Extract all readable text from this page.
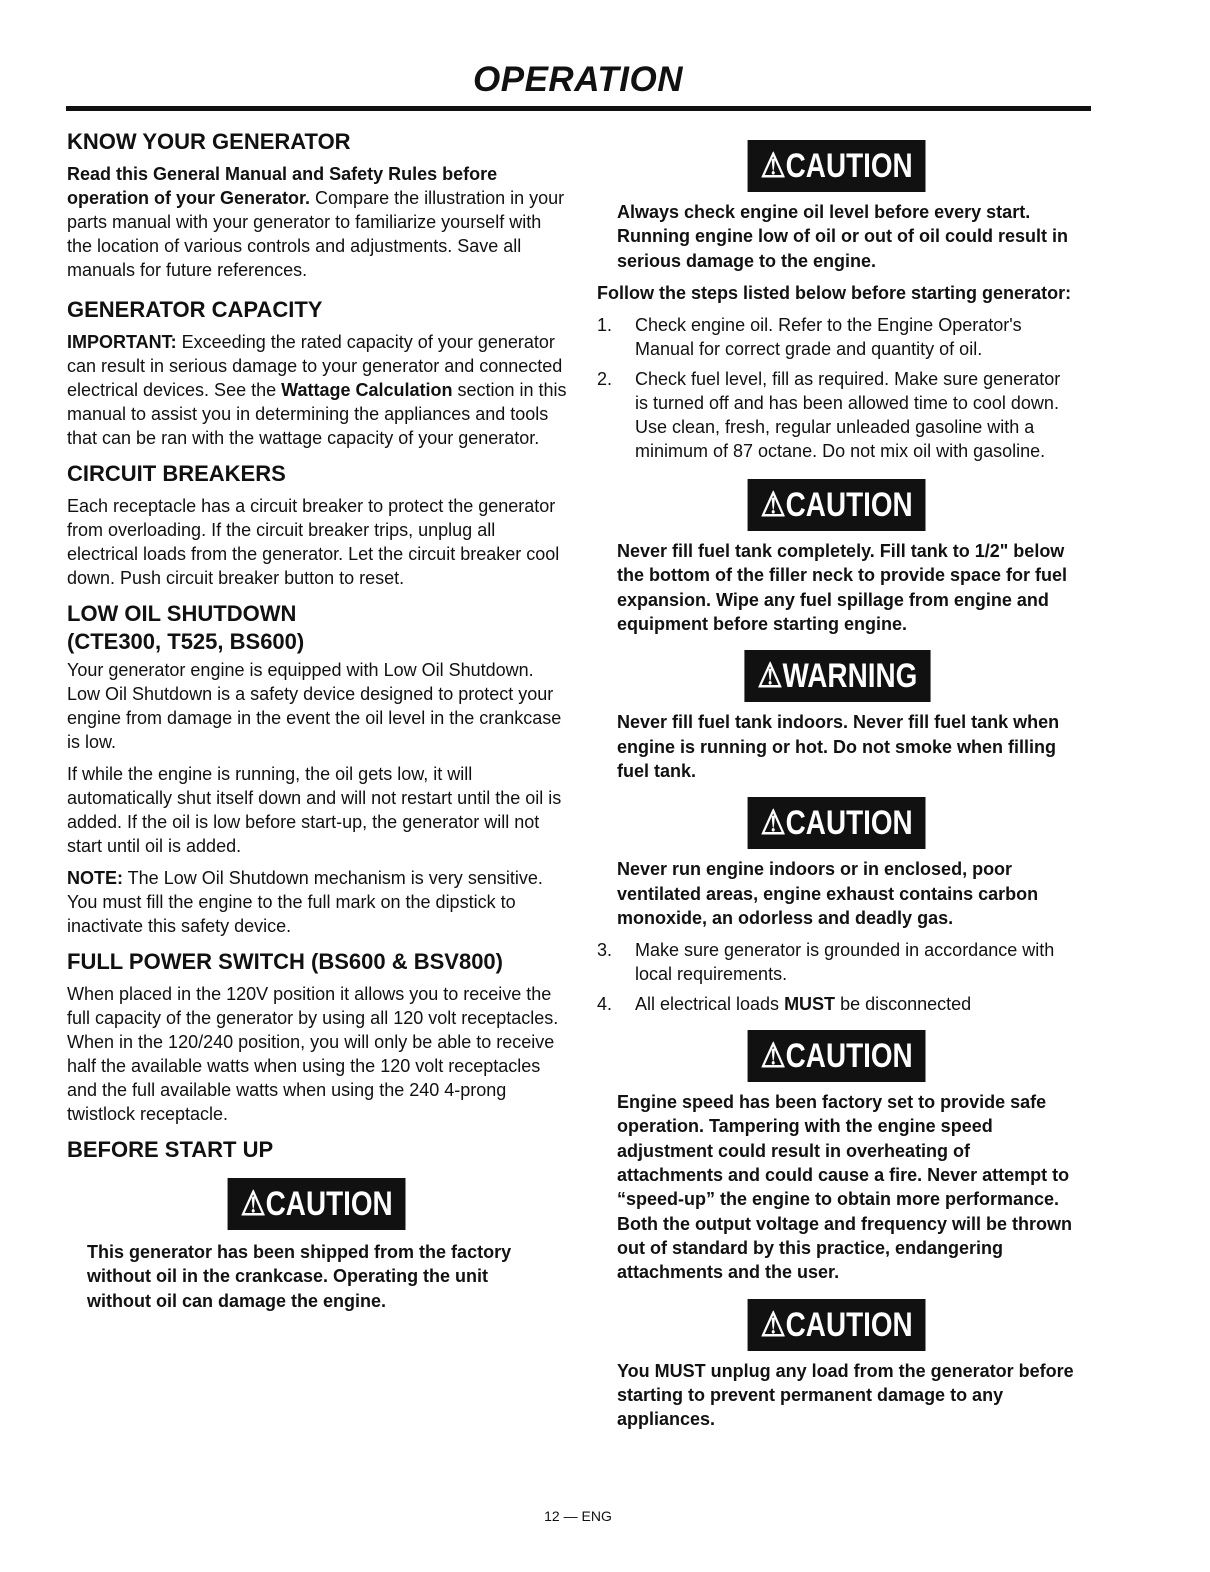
OPERATION
KNOW YOUR GENERATOR

Read this General Manual and Safety Rules before operation of your Generator. Compare the illustration in your parts manual with your generator to familiarize yourself with the location of various controls and adjustments. Save all manuals for future references.

GENERATOR CAPACITY

IMPORTANT: Exceeding the rated capacity of your generator can result in serious damage to your generator and connected electrical devices. See the Wattage Calculation section in this manual to assist you in determining the appliances and tools that can be ran with the wattage capacity of your generator.

CIRCUIT BREAKERS

Each receptacle has a circuit breaker to protect the generator from overloading. If the circuit breaker trips, unplug all electrical loads from the generator. Let the circuit breaker cool down. Push circuit breaker button to reset.

LOW OIL SHUTDOWN
(CTE300, T525, BS600)

Your generator engine is equipped with Low Oil Shutdown. Low Oil Shutdown is a safety device designed to protect your engine from damage in the event the oil level in the crankcase is low.

If while the engine is running, the oil gets low, it will automatically shut itself down and will not restart until the oil is added. If the oil is low before start-up, the generator will not start until oil is added.

NOTE: The Low Oil Shutdown mechanism is very sensitive. You must fill the engine to the full mark on the dipstick to inactivate this safety device.

FULL POWER SWITCH (BS600 & BSV800)

When placed in the 120V position it allows you to receive the full capacity of the generator by using all 120 volt receptacles. When in the 120/240 position, you will only be able to receive half the available watts when using the 120 volt receptacles and the full available watts when using the 240 4-prong twistlock receptacle.

BEFORE START UP
⚠CAUTION

This generator has been shipped from the factory without oil in the crankcase. Operating the unit without oil can damage the engine.

⚠CAUTION

Always check engine oil level before every start. Running engine low of oil or out of oil could result in serious damage to the engine.

Follow the steps listed below before starting generator:

1. Check engine oil. Refer to the Engine Operator's Manual for correct grade and quantity of oil.
2. Check fuel level, fill as required. Make sure generator is turned off and has been allowed time to cool down. Use clean, fresh, regular unleaded gasoline with a minimum of 87 octane. Do not mix oil with gasoline.
⚠CAUTION

Never fill fuel tank completely. Fill tank to 1/2" below the bottom of the filler neck to provide space for fuel expansion. Wipe any fuel spillage from engine and equipment before starting engine.

⚠WARNING

Never fill fuel tank indoors. Never fill fuel tank when engine is running or hot. Do not smoke when filling fuel tank.

⚠CAUTION

Never run engine indoors or in enclosed, poor ventilated areas, engine exhaust contains carbon monoxide, an odorless and deadly gas.

3. Make sure generator is grounded in accordance with local requirements.
4. All electrical loads MUST be disconnected
⚠CAUTION

Engine speed has been factory set to provide safe operation. Tampering with the engine speed adjustment could result in overheating of attachments and could cause a fire. Never attempt to “speed-up” the engine to obtain more performance. Both the output voltage and frequency will be thrown out of standard by this practice, endangering attachments and the user.

⚠CAUTION

You MUST unplug any load from the generator before starting to prevent permanent damage to any appliances.

12 — ENG
